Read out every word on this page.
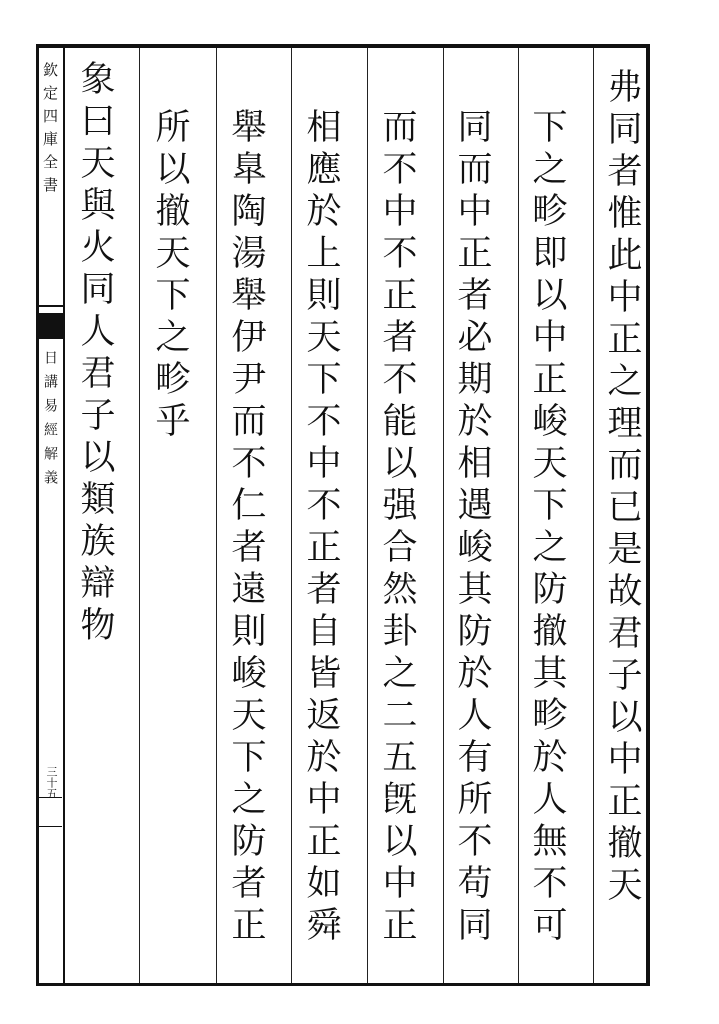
欽定四庫全書
日講易經解義
三十五	弗同者惟此中正之理而已是故君子以中正撤天
下之畛即以中正峻天下之防撤其畛於人無不可
同而中正者必期於相遇峻其防於人有所不苟同
而不中不正者不能以强合然卦之二五旣以中正
相應於上則天下不中不正者自皆返於中正如舜
舉臯陶湯舉伊尹而不仁者遠則峻天下之防者正
所以撤天下之畛乎
象曰天與火同人君子以類族辯物
